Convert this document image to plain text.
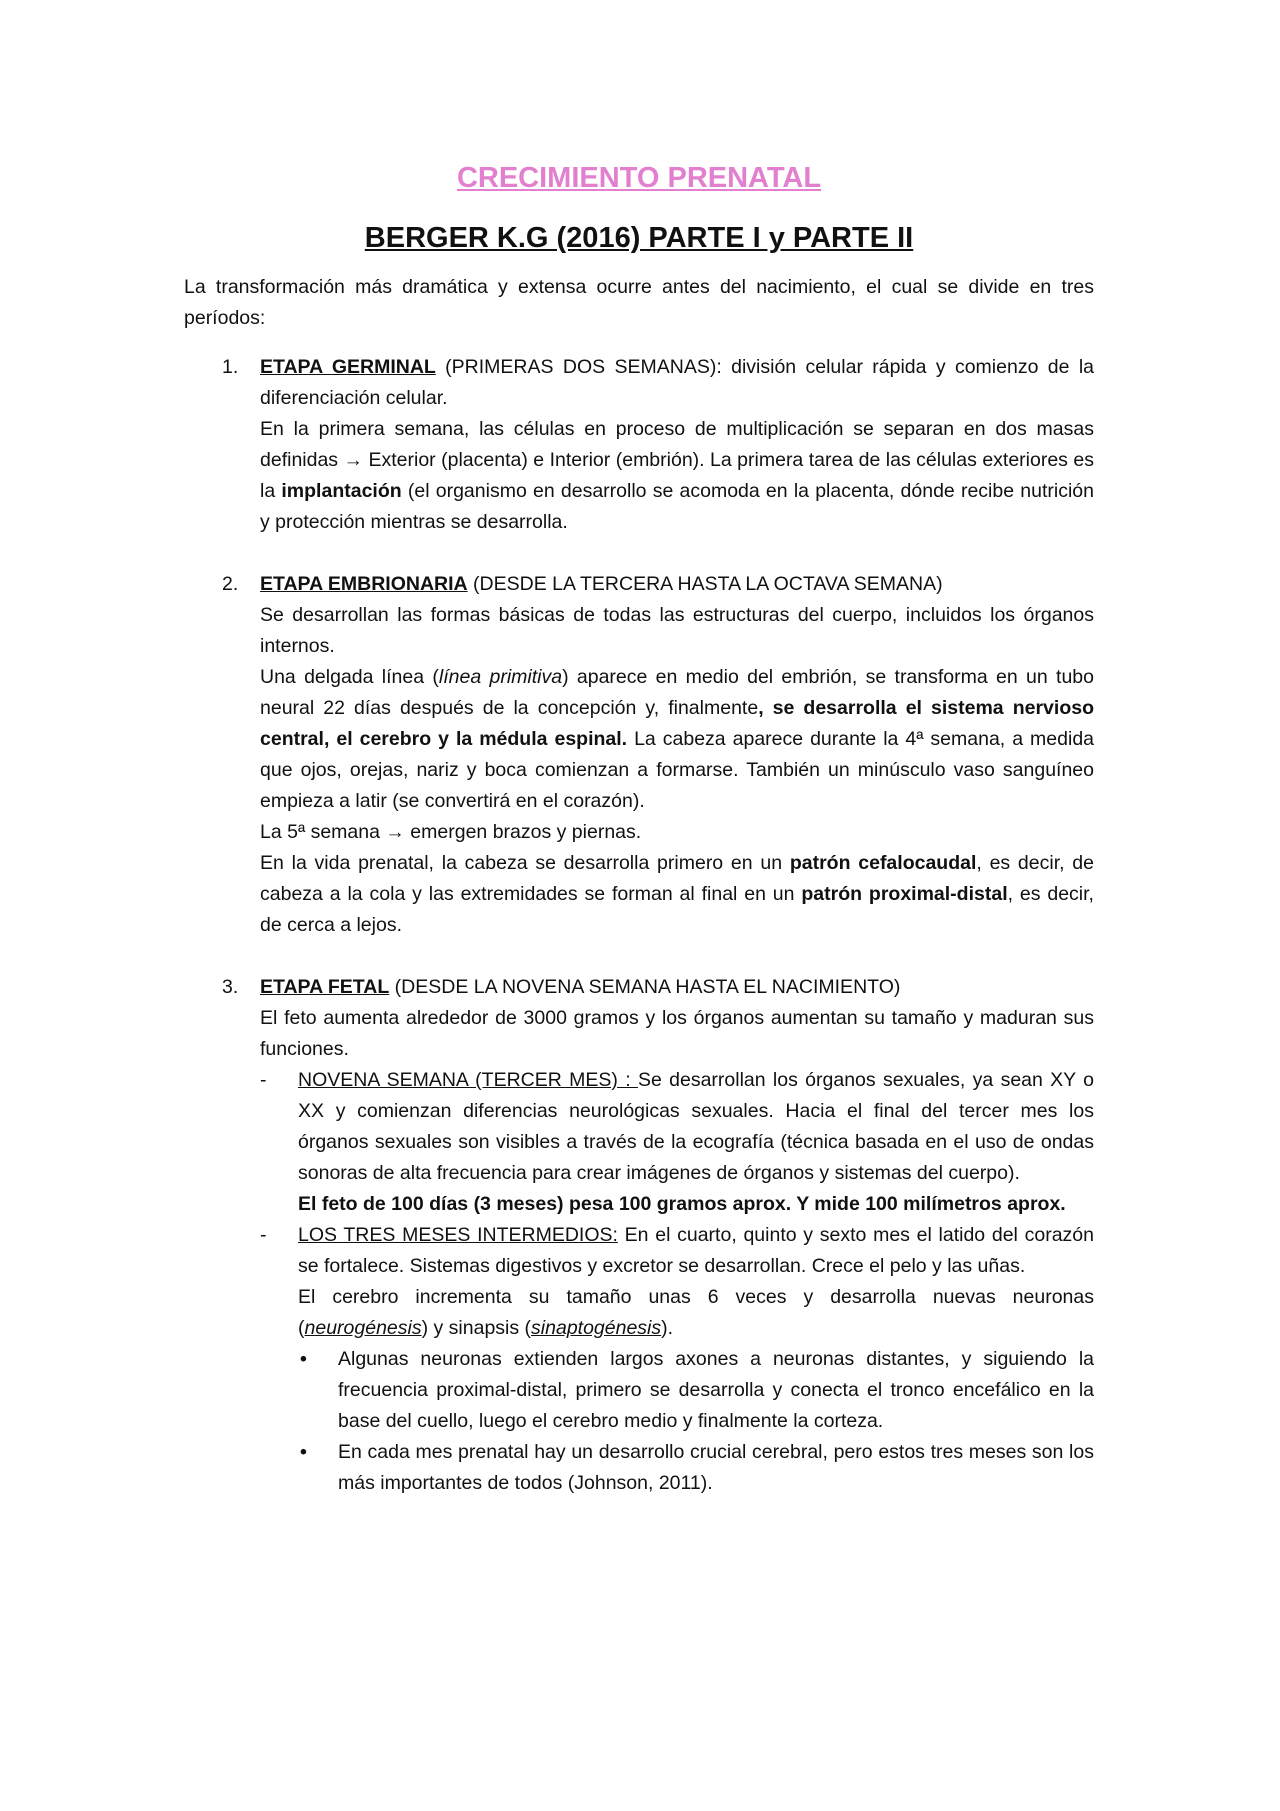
CRECIMIENTO PRENATAL
BERGER K.G (2016) PARTE I y PARTE II

La transformación más dramática y extensa ocurre antes del nacimiento, el cual se divide en tres períodos:

1. ETAPA GERMINAL (PRIMERAS DOS SEMANAS): división celular rápida y comienzo de la diferenciación celular.

En la primera semana, las células en proceso de multiplicación se separan en dos masas definidas → Exterior (placenta) e Interior (embrión). La primera tarea de las células exteriores es la implantación (el organismo en desarrollo se acomoda en la placenta, dónde recibe nutrición y protección mientras se desarrolla.

2. ETAPA EMBRIONARIA (DESDE LA TERCERA HASTA LA OCTAVA SEMANA)

Se desarrollan las formas básicas de todas las estructuras del cuerpo, incluidos los órganos internos.

Una delgada línea (línea primitiva) aparece en medio del embrión, se transforma en un tubo neural 22 días después de la concepción y, finalmente, se desarrolla el sistema nervioso central, el cerebro y la médula espinal. La cabeza aparece durante la 4ª semana, a medida que ojos, orejas, nariz y boca comienzan a formarse. También un minúsculo vaso sanguíneo empieza a latir (se convertirá en el corazón).

La 5ª semana → emergen brazos y piernas.

En la vida prenatal, la cabeza se desarrolla primero en un patrón cefalocaudal, es decir, de cabeza a la cola y las extremidades se forman al final en un patrón proximal-distal, es decir, de cerca a lejos.

3. ETAPA FETAL (DESDE LA NOVENA SEMANA HASTA EL NACIMIENTO)

El feto aumenta alrededor de 3000 gramos y los órganos aumentan su tamaño y maduran sus funciones.

- NOVENA SEMANA (TERCER MES) : Se desarrollan los órganos sexuales, ya sean XY o XX y comienzan diferencias neurológicas sexuales. Hacia el final del tercer mes los órganos sexuales son visibles a través de la ecografía (técnica basada en el uso de ondas sonoras de alta frecuencia para crear imágenes de órganos y sistemas del cuerpo).

El feto de 100 días (3 meses) pesa 100 gramos aprox. Y mide 100 milímetros aprox.

- LOS TRES MESES INTERMEDIOS: En el cuarto, quinto y sexto mes el latido del corazón se fortalece. Sistemas digestivos y excretor se desarrollan. Crece el pelo y las uñas.

El cerebro incrementa su tamaño unas 6 veces y desarrolla nuevas neuronas (neurogénesis) y sinapsis (sinaptogénesis).

• Algunas neuronas extienden largos axones a neuronas distantes, y siguiendo la frecuencia proximal-distal, primero se desarrolla y conecta el tronco encefálico en la base del cuello, luego el cerebro medio y finalmente la corteza.

• En cada mes prenatal hay un desarrollo crucial cerebral, pero estos tres meses son los más importantes de todos (Johnson, 2011).
